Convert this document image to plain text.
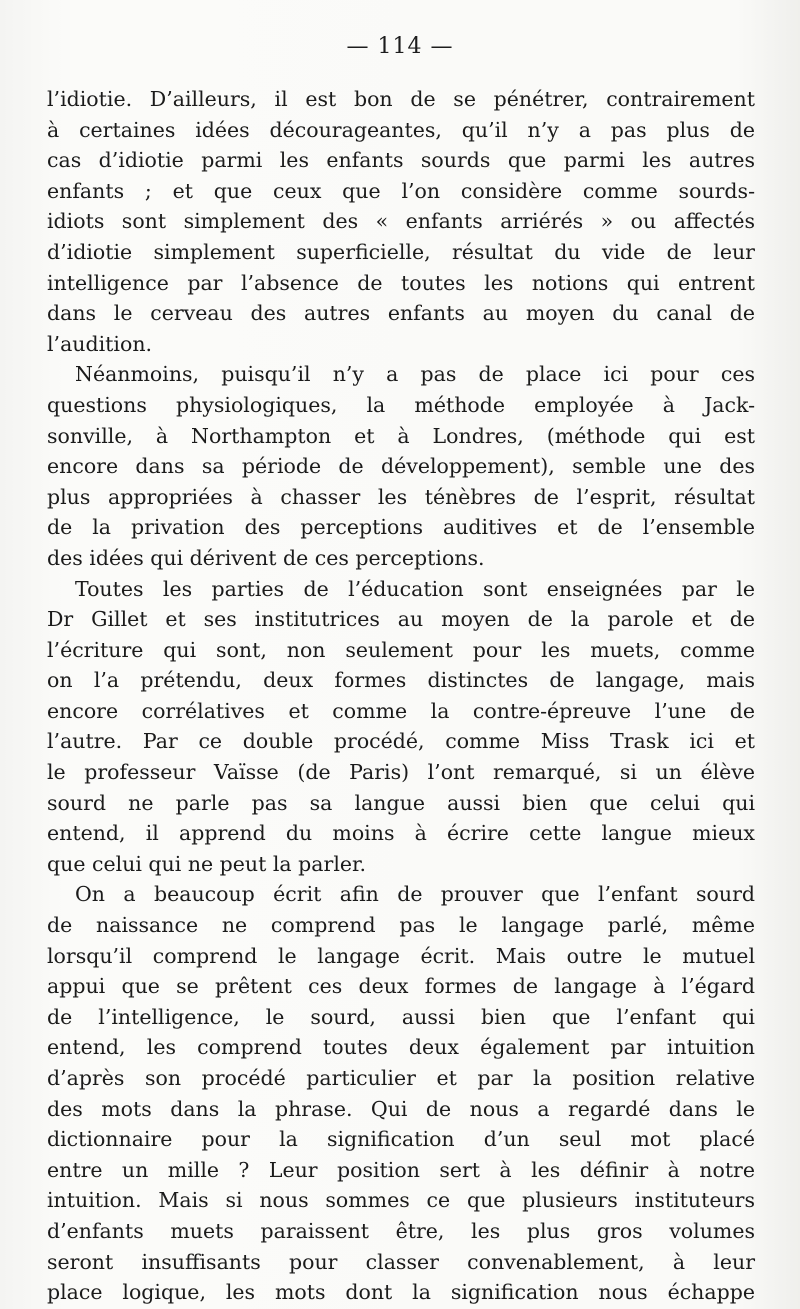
— 114 —
l’idiotie. D’ailleurs, il est bon de se pénétrer, contrairement
à certaines idées décourageantes, qu’il n’y a pas plus de
cas d’idiotie parmi les enfants sourds que parmi les autres
enfants ; et que ceux que l’on considère comme sourds-
idiots sont simplement des « enfants arriérés » ou affectés
d’idiotie simplement superficielle, résultat du vide de leur
intelligence par l’absence de toutes les notions qui entrent
dans le cerveau des autres enfants au moyen du canal de
l’audition.
Néanmoins, puisqu’il n’y a pas de place ici pour ces
questions physiologiques, la méthode employée à Jack-
sonville, à Northampton et à Londres, (méthode qui est
encore dans sa période de développement), semble une des
plus appropriées à chasser les ténèbres de l’esprit, résultat
de la privation des perceptions auditives et de l’ensemble
des idées qui dérivent de ces perceptions.
Toutes les parties de l’éducation sont enseignées par le
Dr Gillet et ses institutrices au moyen de la parole et de
l’écriture qui sont, non seulement pour les muets, comme
on l’a prétendu, deux formes distinctes de langage, mais
encore corrélatives et comme la contre-épreuve l’une de
l’autre. Par ce double procédé, comme Miss Trask ici et
le professeur Vaïsse (de Paris) l’ont remarqué, si un élève
sourd ne parle pas sa langue aussi bien que celui qui
entend, il apprend du moins à écrire cette langue mieux
que celui qui ne peut la parler.
On a beaucoup écrit afin de prouver que l’enfant sourd
de naissance ne comprend pas le langage parlé, même
lorsqu’il comprend le langage écrit. Mais outre le mutuel
appui que se prêtent ces deux formes de langage à l’égard
de l’intelligence, le sourd, aussi bien que l’enfant qui
entend, les comprend toutes deux également par intuition
d’après son procédé particulier et par la position relative
des mots dans la phrase. Qui de nous a regardé dans le
dictionnaire pour la signification d’un seul mot placé
entre un mille ? Leur position sert à les définir à notre
intuition. Mais si nous sommes ce que plusieurs instituteurs
d’enfants muets paraissent être, les plus gros volumes
seront insuffisants pour classer convenablement, à leur
place logique, les mots dont la signification nous échappe
